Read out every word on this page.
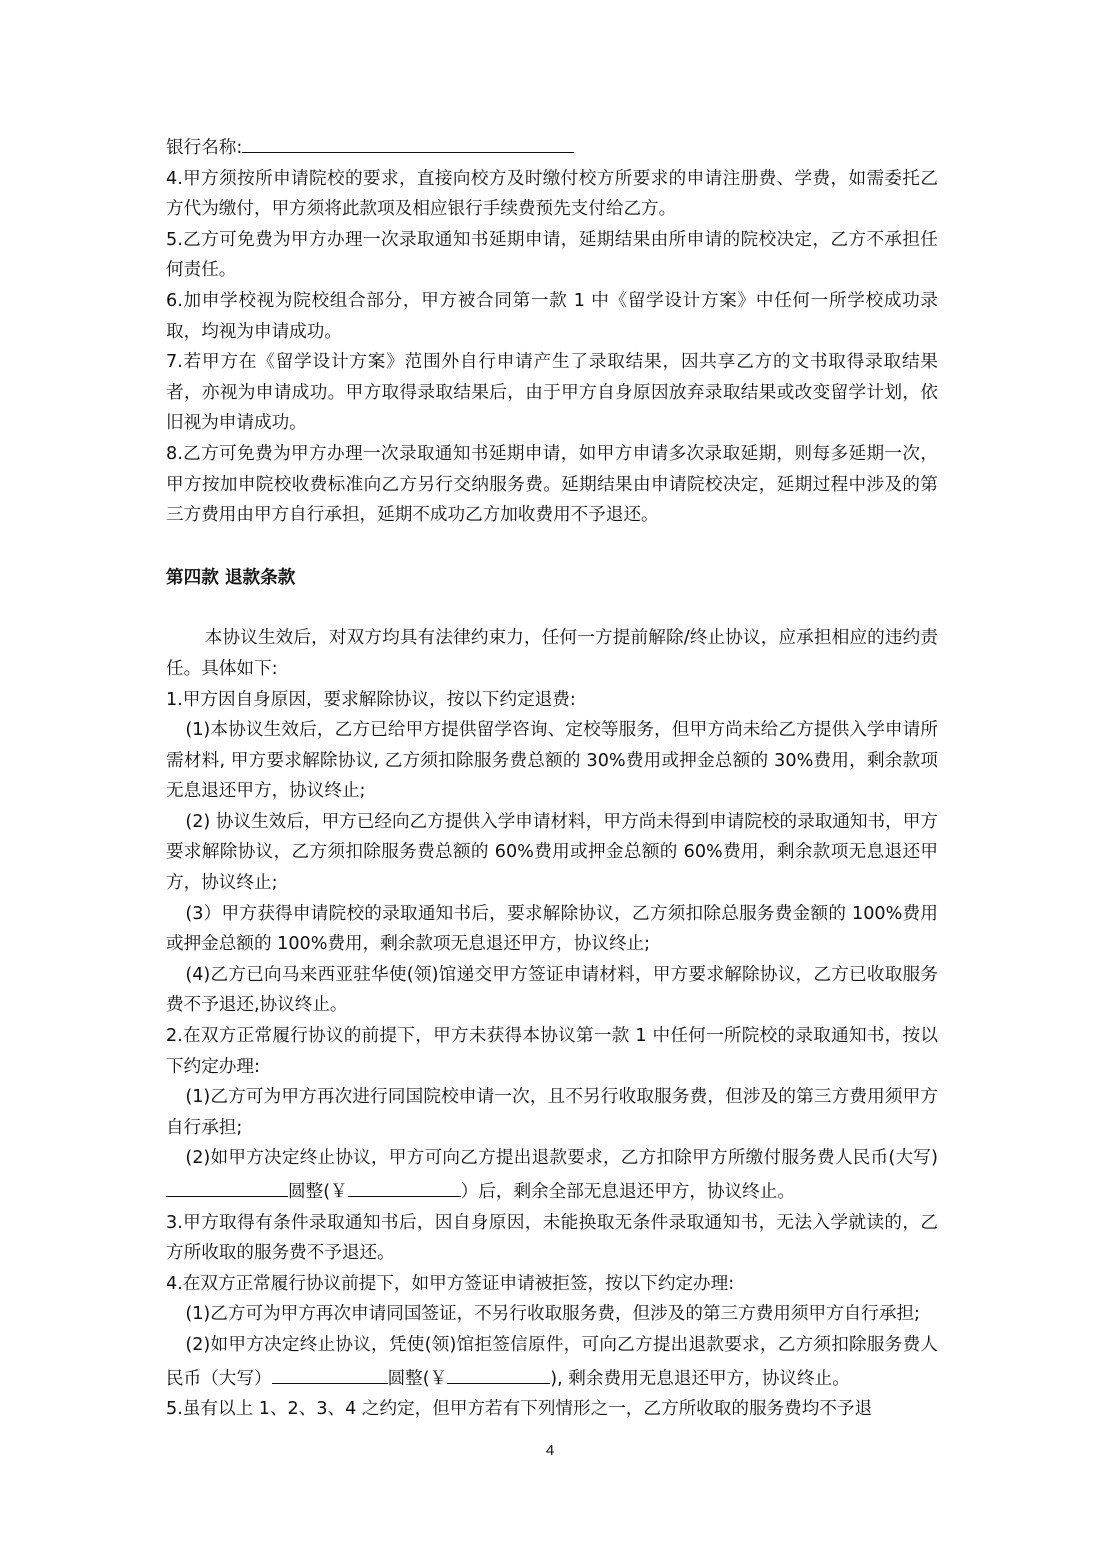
银行名称:

4.甲方须按所申请院校的要求，直接向校方及时缴付校方所要求的申请注册费、学费，如需委托乙方代为缴付，甲方须将此款项及相应银行手续费预先支付给乙方。

5.乙方可免费为甲方办理一次录取通知书延期申请，延期结果由所申请的院校决定，乙方不承担任何责任。

6.加申学校视为院校组合部分，甲方被合同第一款 1 中《留学设计方案》中任何一所学校成功录取，均视为申请成功。

7.若甲方在《留学设计方案》范围外自行申请产生了录取结果，因共享乙方的文书取得录取结果者，亦视为申请成功。甲方取得录取结果后，由于甲方自身原因放弃录取结果或改变留学计划，依旧视为申请成功。

8.乙方可免费为甲方办理一次录取通知书延期申请，如甲方申请多次录取延期，则每多延期一次，甲方按加申院校收费标准向乙方另行交纳服务费。延期结果由申请院校决定，延期过程中涉及的第三方费用由甲方自行承担，延期不成功乙方加收费用不予退还。

第四款 退款条款

本协议生效后，对双方均具有法律约束力，任何一方提前解除/终止协议，应承担相应的违约责任。具体如下:

1.甲方因自身原因，要求解除协议，按以下约定退费:

(1)本协议生效后，乙方已给甲方提供留学咨询、定校等服务，但甲方尚未给乙方提供入学申请所需材料, 甲方要求解除协议, 乙方须扣除服务费总额的 30%费用或押金总额的 30%费用，剩余款项无息退还甲方，协议终止;

(2) 协议生效后，甲方已经向乙方提供入学申请材料，甲方尚未得到申请院校的录取通知书，甲方要求解除协议，乙方须扣除服务费总额的 60%费用或押金总额的 60%费用，剩余款项无息退还甲方，协议终止;

(3）甲方获得申请院校的录取通知书后，要求解除协议，乙方须扣除总服务费金额的 100%费用或押金总额的 100%费用，剩余款项无息退还甲方，协议终止;

(4)乙方已向马来西亚驻华使(领)馆递交甲方签证申请材料，甲方要求解除协议，乙方已收取服务费不予退还,协议终止。

2.在双方正常履行协议的前提下，甲方未获得本协议第一款 1 中任何一所院校的录取通知书，按以下约定办理:

(1)乙方可为甲方再次进行同国院校申请一次，且不另行收取服务费，但涉及的第三方费用须甲方自行承担;

(2)如甲方决定终止协议，甲方可向乙方提出退款要求，乙方扣除甲方所缴付服务费人民币(大写)圆整(￥	）后，剩余全部无息退还甲方，协议终止。

3.甲方取得有条件录取通知书后，因自身原因，未能换取无条件录取通知书，无法入学就读的，乙方所收取的服务费不予退还。

4.在双方正常履行协议前提下，如甲方签证申请被拒签，按以下约定办理:

(1)乙方可为甲方再次申请同国签证，不另行收取服务费，但涉及的第三方费用须甲方自行承担;

(2)如甲方决定终止协议，凭使(领)馆拒签信原件，可向乙方提出退款要求，乙方须扣除服务费人民币（大写）	圆整(￥	), 剩余费用无息退还甲方，协议终止。

5.虽有以上 1、2、3、4 之约定，但甲方若有下列情形之一，乙方所收取的服务费均不予退

4
